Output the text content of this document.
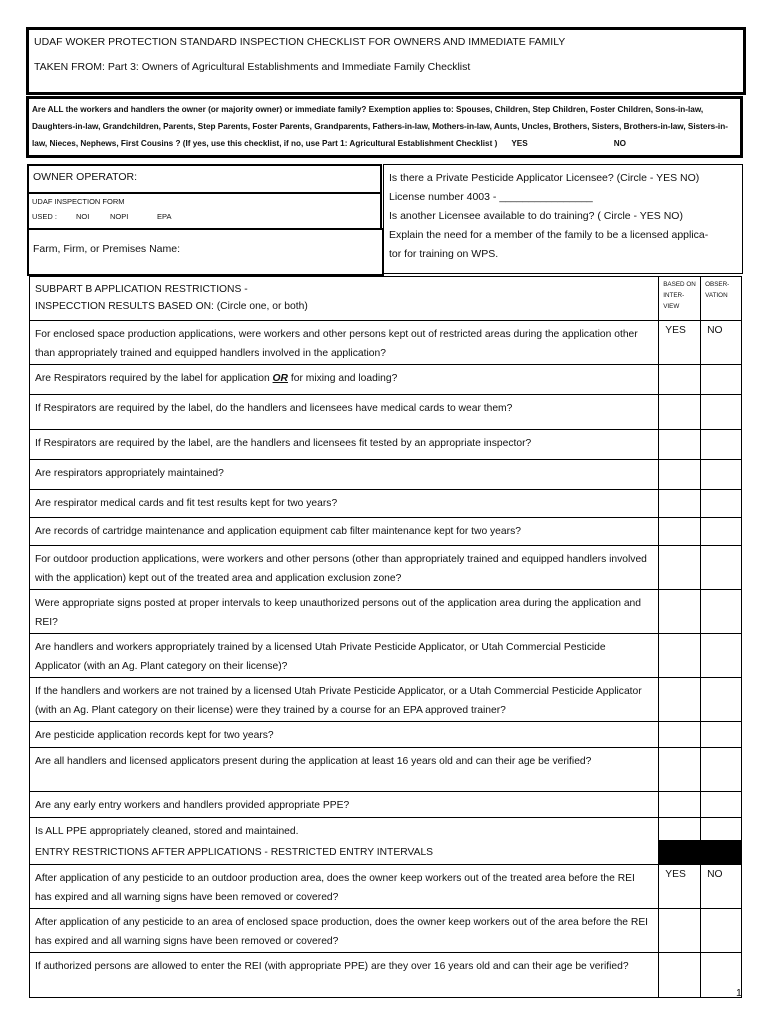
UDAF WOKER PROTECTION STANDARD INSPECTION CHECKLIST FOR OWNERS AND IMMEDIATE FAMILY
TAKEN FROM: Part 3: Owners of Agricultural Establishments and Immediate Family Checklist
Are ALL the workers and handlers the owner (or majority owner) or immediate family? Exemption applies to: Spouses, Children, Step Children, Foster Children, Sons-in-law, Daughters-in-law, Grandchildren, Parents, Step Parents, Foster Parents, Grandparents, Fathers-in-law, Mothers-in-law, Aunts, Uncles, Brothers, Sisters, Brothers-in-law, Sisters-in-law, Nieces, Nephews, First Cousins ? (If yes, use this checklist, if no, use Part 1: Agricultural Establishment Checklist ) YES	NO
OWNER OPERATOR:
UDAF INSPECTION FORM
USED :	NOI	NOPI	EPA
Farm, Firm, or Premises Name:
Is there a Private Pesticide Applicator Licensee? (Circle - YES NO)
License number 4003 - ________________
Is another Licensee available to do training? ( Circle - YES NO)
Explain the need for a member of the family to be a licensed applica-
tor for training on WPS.
SUBPART B APPLICATION RESTRICTIONS -
INSPECCTION RESULTS BASED ON: (Circle one, or both)
BASED ON INTER-VIEW
OBSER-VATION
For enclosed space production applications, were workers and other persons kept out of restricted areas during the application other than appropriately trained and equipped handlers involved in the application?
YES	NO
Are Respirators required by the label for application OR for mixing and loading?
If Respirators are required by the label, do the handlers and licensees have medical cards to wear them?
If Respirators are required by the label, are the handlers and licensees fit tested by an appropriate inspector?
Are respirators appropriately maintained?
Are respirator medical cards and fit test results kept for two years?
Are records of cartridge maintenance and application equipment cab filter maintenance kept for two years?
For outdoor production applications, were workers and other persons (other than appropriately trained and equipped handlers involved with the application) kept out of the treated area and application exclusion zone?
Were appropriate signs posted at proper intervals to keep unauthorized persons out of the application area during the application and REI?
Are handlers and workers appropriately trained by a licensed Utah Private Pesticide Applicator, or Utah Commercial Pesticide Applicator (with an Ag. Plant category on their license)?
If the handlers and workers are not trained by a licensed Utah Private Pesticide Applicator, or a Utah Commercial Pesticide Applicator (with an Ag. Plant category on their license) were they trained by a course for an EPA approved trainer?
Are pesticide application records kept for two years?
Are all handlers and licensed applicators present during the application at least 16 years old and can their age be verified?
Are any early entry workers and handlers provided appropriate PPE?
Is ALL PPE appropriately cleaned, stored and maintained.
ENTRY RESTRICTIONS AFTER APPLICATIONS - RESTRICTED ENTRY INTERVALS
After application of any pesticide to an outdoor production area, does the owner keep workers out of the treated area before the REI has expired and all warning signs have been removed or covered?
YES	NO
After application of any pesticide to an area of enclosed space production, does the owner keep workers out of the area before the REI has expired and all warning signs have been removed or covered?
If authorized persons are allowed to enter the REI (with appropriate PPE) are they over 16 years old and can their age be verified?
1
